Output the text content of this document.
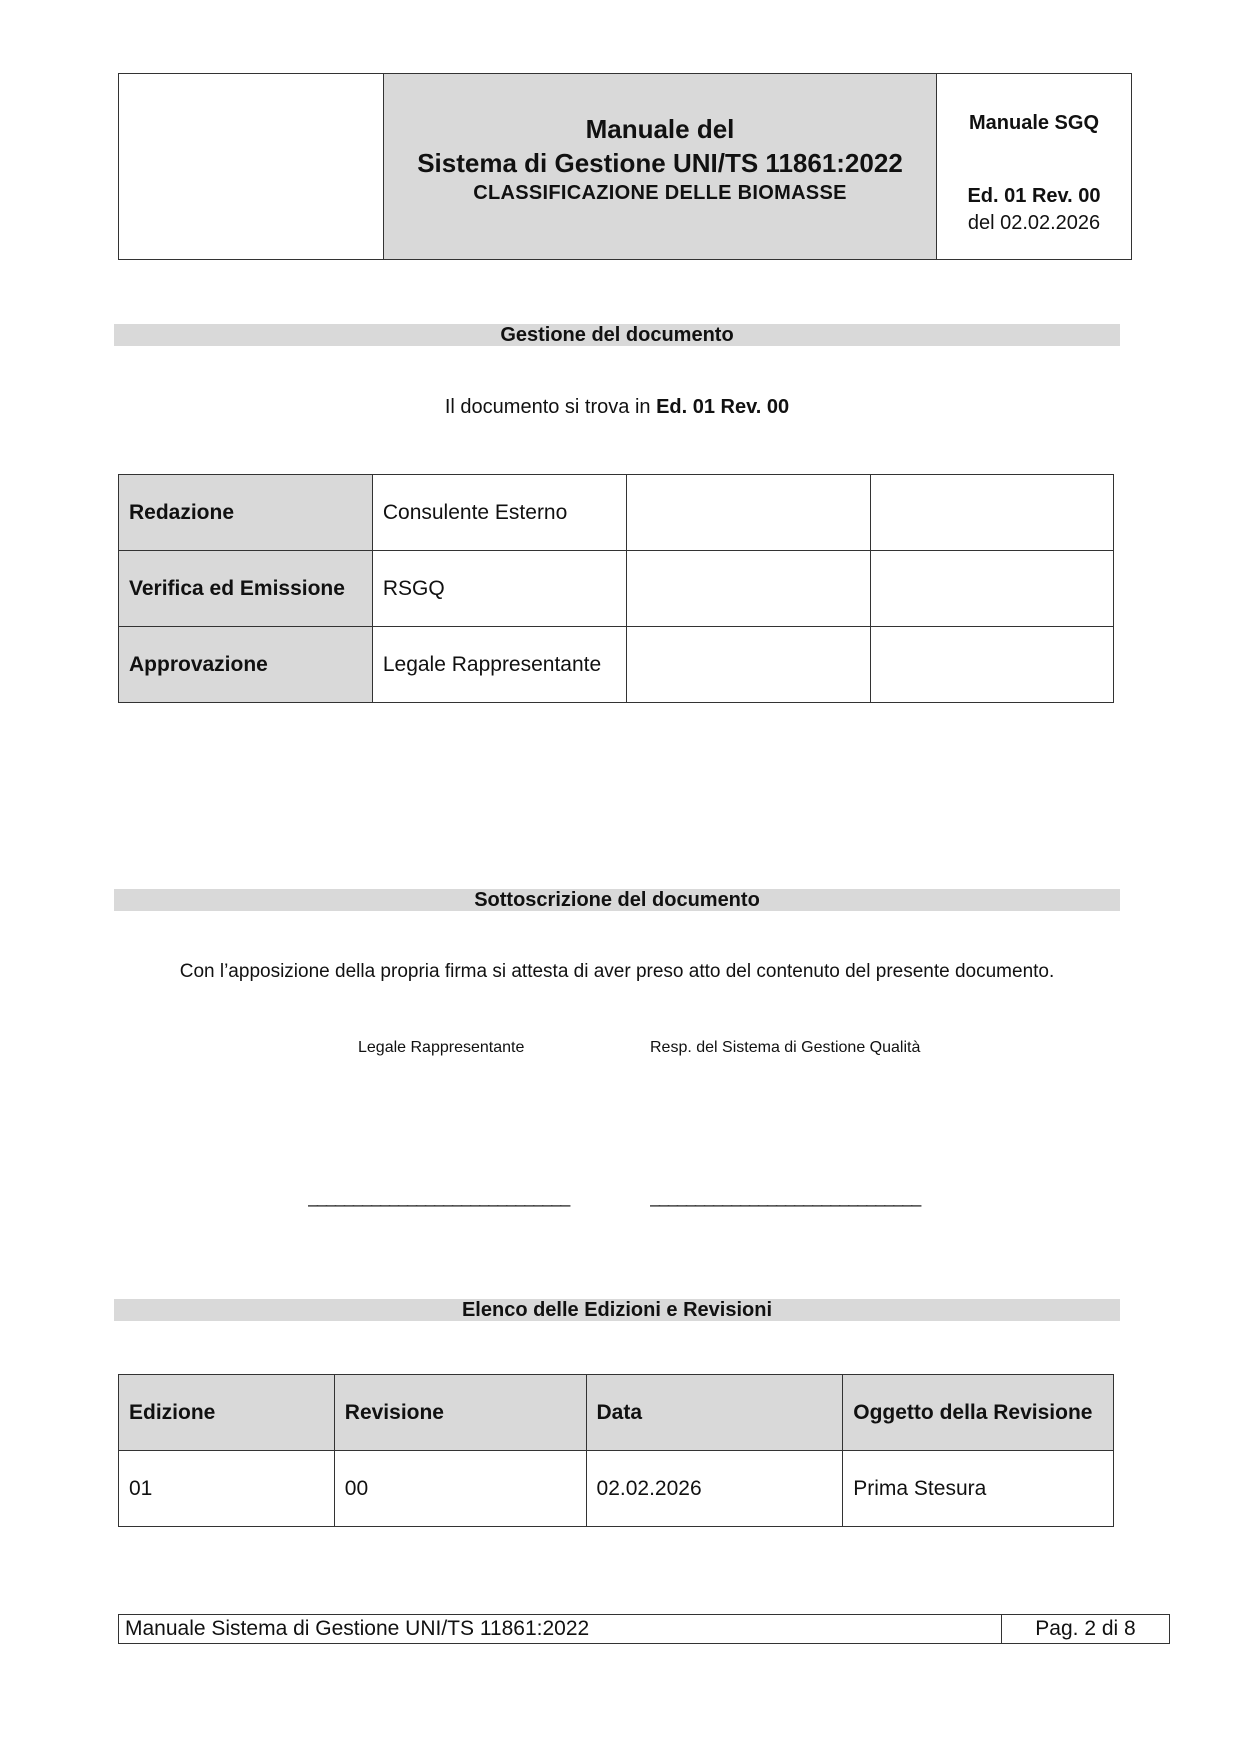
Manuale del
Sistema di Gestione UNI/TS 11861:2022
CLASSIFICAZIONE DELLE BIOMASSE
Manuale SGQ
Ed. 01 Rev. 00
del 02.02.2026
Gestione del documento
Il documento si trova in Ed. 01 Rev. 00
Redazione	Consulente Esterno		
Verifica ed Emissione	RSGQ		
Approvazione	Legale Rappresentante		
Sottoscrizione del documento
Con l’apposizione della propria firma si attesta di aver preso atto del contenuto del presente documento.
Legale Rappresentante	Resp. del Sistema di Gestione Qualità
_____________________________	______________________________
Elenco delle Edizioni e Revisioni
Edizione	Revisione	Data	Oggetto della Revisione
01	00	02.02.2026	Prima Stesura
Manuale Sistema di Gestione UNI/TS 11861:2022	Pag. 2 di 8
